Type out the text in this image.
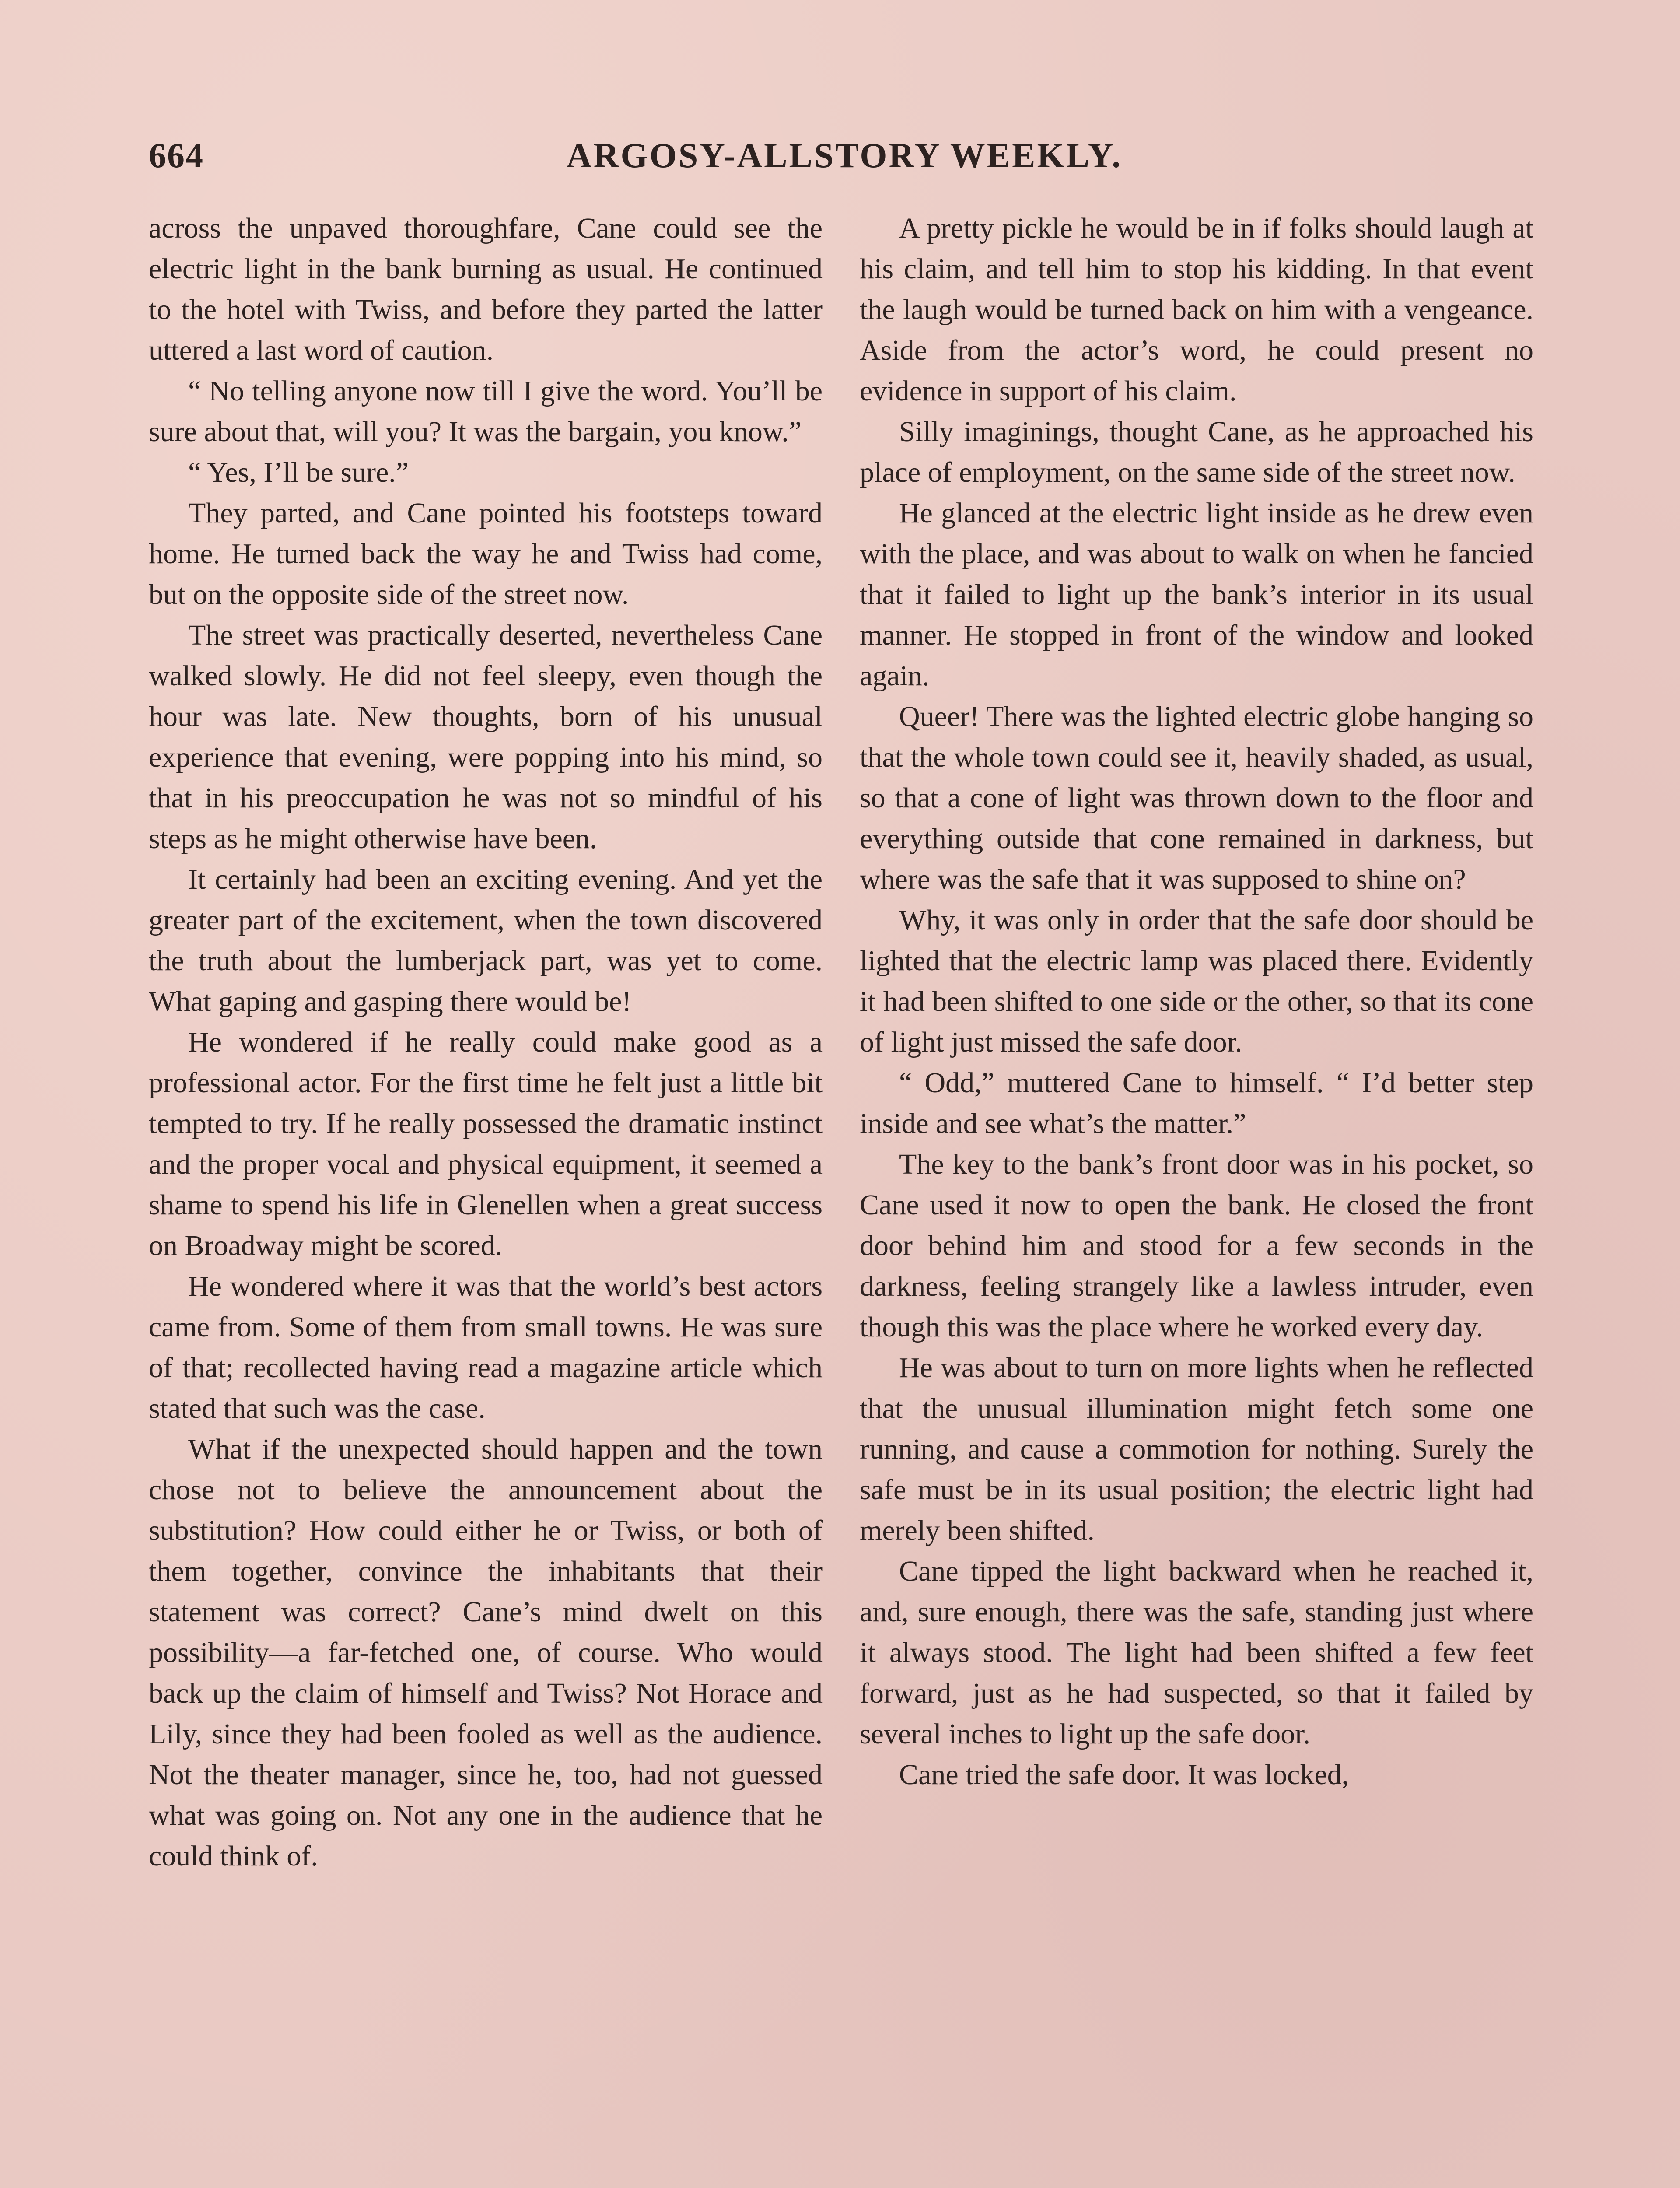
664	ARGOSY-ALLSTORY WEEKLY.

across the unpaved thoroughfare, Cane could see the electric light in the bank burning as usual. He continued to the hotel with Twiss, and before they parted the latter uttered a last word of caution.

“ No telling anyone now till I give the word. You’ll be sure about that, will you? It was the bargain, you know.”

“ Yes, I’ll be sure.”

They parted, and Cane pointed his footsteps toward home. He turned back the way he and Twiss had come, but on the opposite side of the street now.

The street was practically deserted, nevertheless Cane walked slowly. He did not feel sleepy, even though the hour was late. New thoughts, born of his unusual experience that evening, were popping into his mind, so that in his preoccupation he was not so mindful of his steps as he might otherwise have been.

It certainly had been an exciting evening. And yet the greater part of the excitement, when the town discovered the truth about the lumberjack part, was yet to come. What gaping and gasping there would be!

He wondered if he really could make good as a professional actor. For the first time he felt just a little bit tempted to try. If he really possessed the dramatic instinct and the proper vocal and physical equipment, it seemed a shame to spend his life in Glenellen when a great success on Broadway might be scored.

He wondered where it was that the world’s best actors came from. Some of them from small towns. He was sure of that; recollected having read a magazine article which stated that such was the case.

What if the unexpected should happen and the town chose not to believe the announcement about the substitution? How could either he or Twiss, or both of them together, convince the inhabitants that their statement was correct? Cane’s mind dwelt on this possibility—a far-fetched one, of course. Who would back up the claim of himself and Twiss? Not Horace and Lily, since they had been fooled as well as the audience. Not the theater manager, since he, too, had not guessed what was going on. Not any one in the audience that he could think of.

A pretty pickle he would be in if folks should laugh at his claim, and tell him to stop his kidding. In that event the laugh would be turned back on him with a vengeance. Aside from the actor’s word, he could present no evidence in support of his claim.

Silly imaginings, thought Cane, as he approached his place of employment, on the same side of the street now.

He glanced at the electric light inside as he drew even with the place, and was about to walk on when he fancied that it failed to light up the bank’s interior in its usual manner. He stopped in front of the window and looked again.

Queer! There was the lighted electric globe hanging so that the whole town could see it, heavily shaded, as usual, so that a cone of light was thrown down to the floor and everything outside that cone remained in darkness, but where was the safe that it was supposed to shine on?

Why, it was only in order that the safe door should be lighted that the electric lamp was placed there. Evidently it had been shifted to one side or the other, so that its cone of light just missed the safe door.

“ Odd,” muttered Cane to himself. “ I’d better step inside and see what’s the matter.”

The key to the bank’s front door was in his pocket, so Cane used it now to open the bank. He closed the front door behind him and stood for a few seconds in the darkness, feeling strangely like a lawless intruder, even though this was the place where he worked every day.

He was about to turn on more lights when he reflected that the unusual illumination might fetch some one running, and cause a commotion for nothing. Surely the safe must be in its usual position; the electric light had merely been shifted.

Cane tipped the light backward when he reached it, and, sure enough, there was the safe, standing just where it always stood. The light had been shifted a few feet forward, just as he had suspected, so that it failed by several inches to light up the safe door.

Cane tried the safe door. It was locked,
